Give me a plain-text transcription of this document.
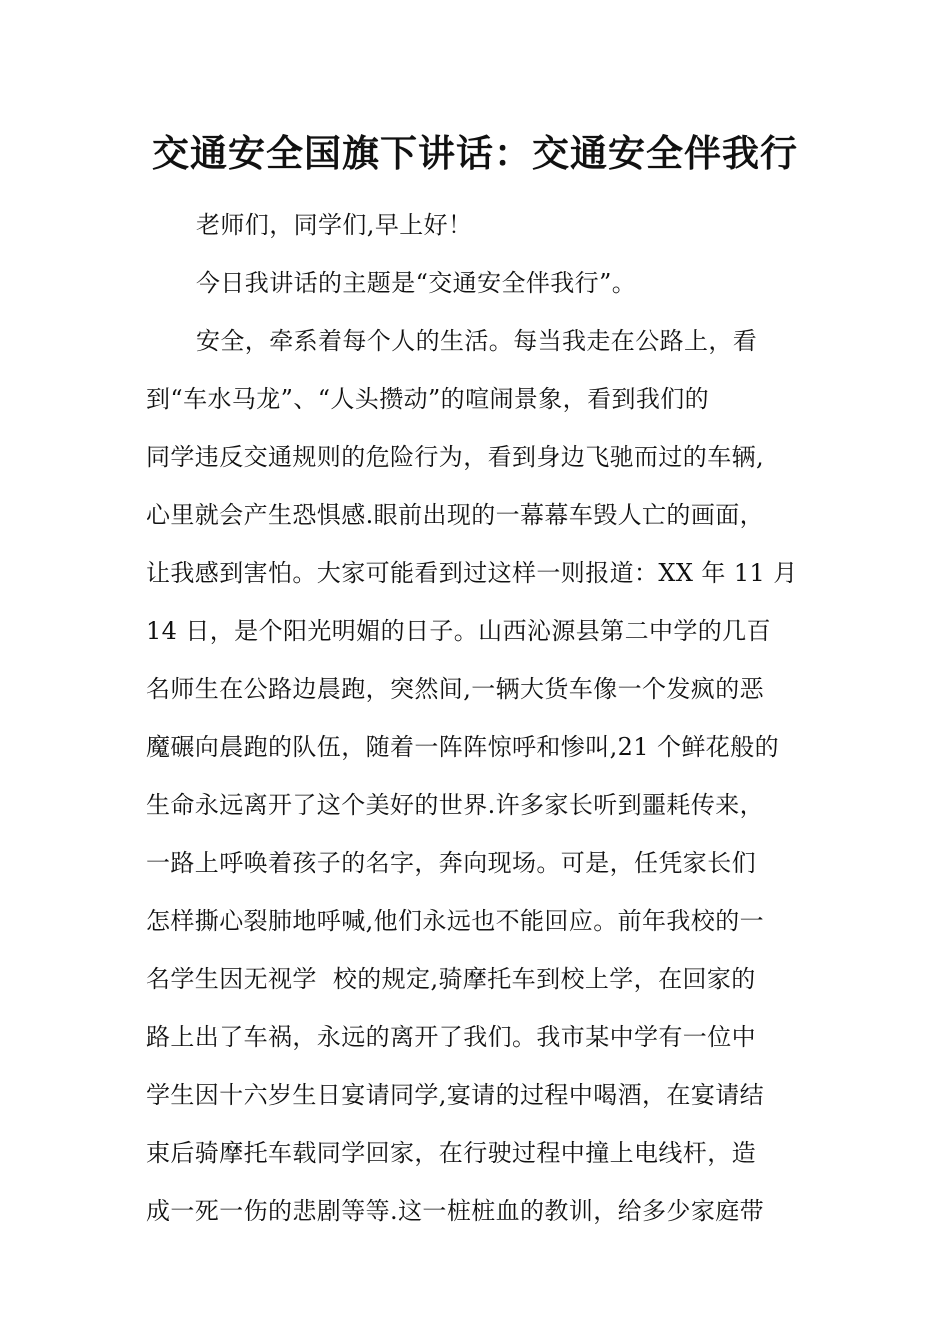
交通安全国旗下讲话：交通安全伴我行
老师们，同学们,早上好！
今日我讲话的主题是“交通安全伴我行”。
安全，牵系着每个人的生活。每当我走在公路上，看
到“车水马龙”、“人头攒动”的喧闹景象，看到我们的
同学违反交通规则的危险行为，看到身边飞驰而过的车辆,
心里就会产生恐惧感.眼前出现的一幕幕车毁人亡的画面，
让我感到害怕。大家可能看到过这样一则报道：XX 年 11 月
14 日，是个阳光明媚的日子。山西沁源县第二中学的几百
名师生在公路边晨跑，突然间,一辆大货车像一个发疯的恶
魔碾向晨跑的队伍，随着一阵阵惊呼和惨叫,21 个鲜花般的
生命永远离开了这个美好的世界.许多家长听到噩耗传来，
一路上呼唤着孩子的名字，奔向现场。可是，任凭家长们
怎样撕心裂肺地呼喊,他们永远也不能回应。前年我校的一
名学生因无视学  校的规定,骑摩托车到校上学，在回家的
路上出了车祸，永远的离开了我们。我市某中学有一位中
学生因十六岁生日宴请同学,宴请的过程中喝酒，在宴请结
束后骑摩托车载同学回家，在行驶过程中撞上电线杆，造
成一死一伤的悲剧等等.这一桩桩血的教训，给多少家庭带
